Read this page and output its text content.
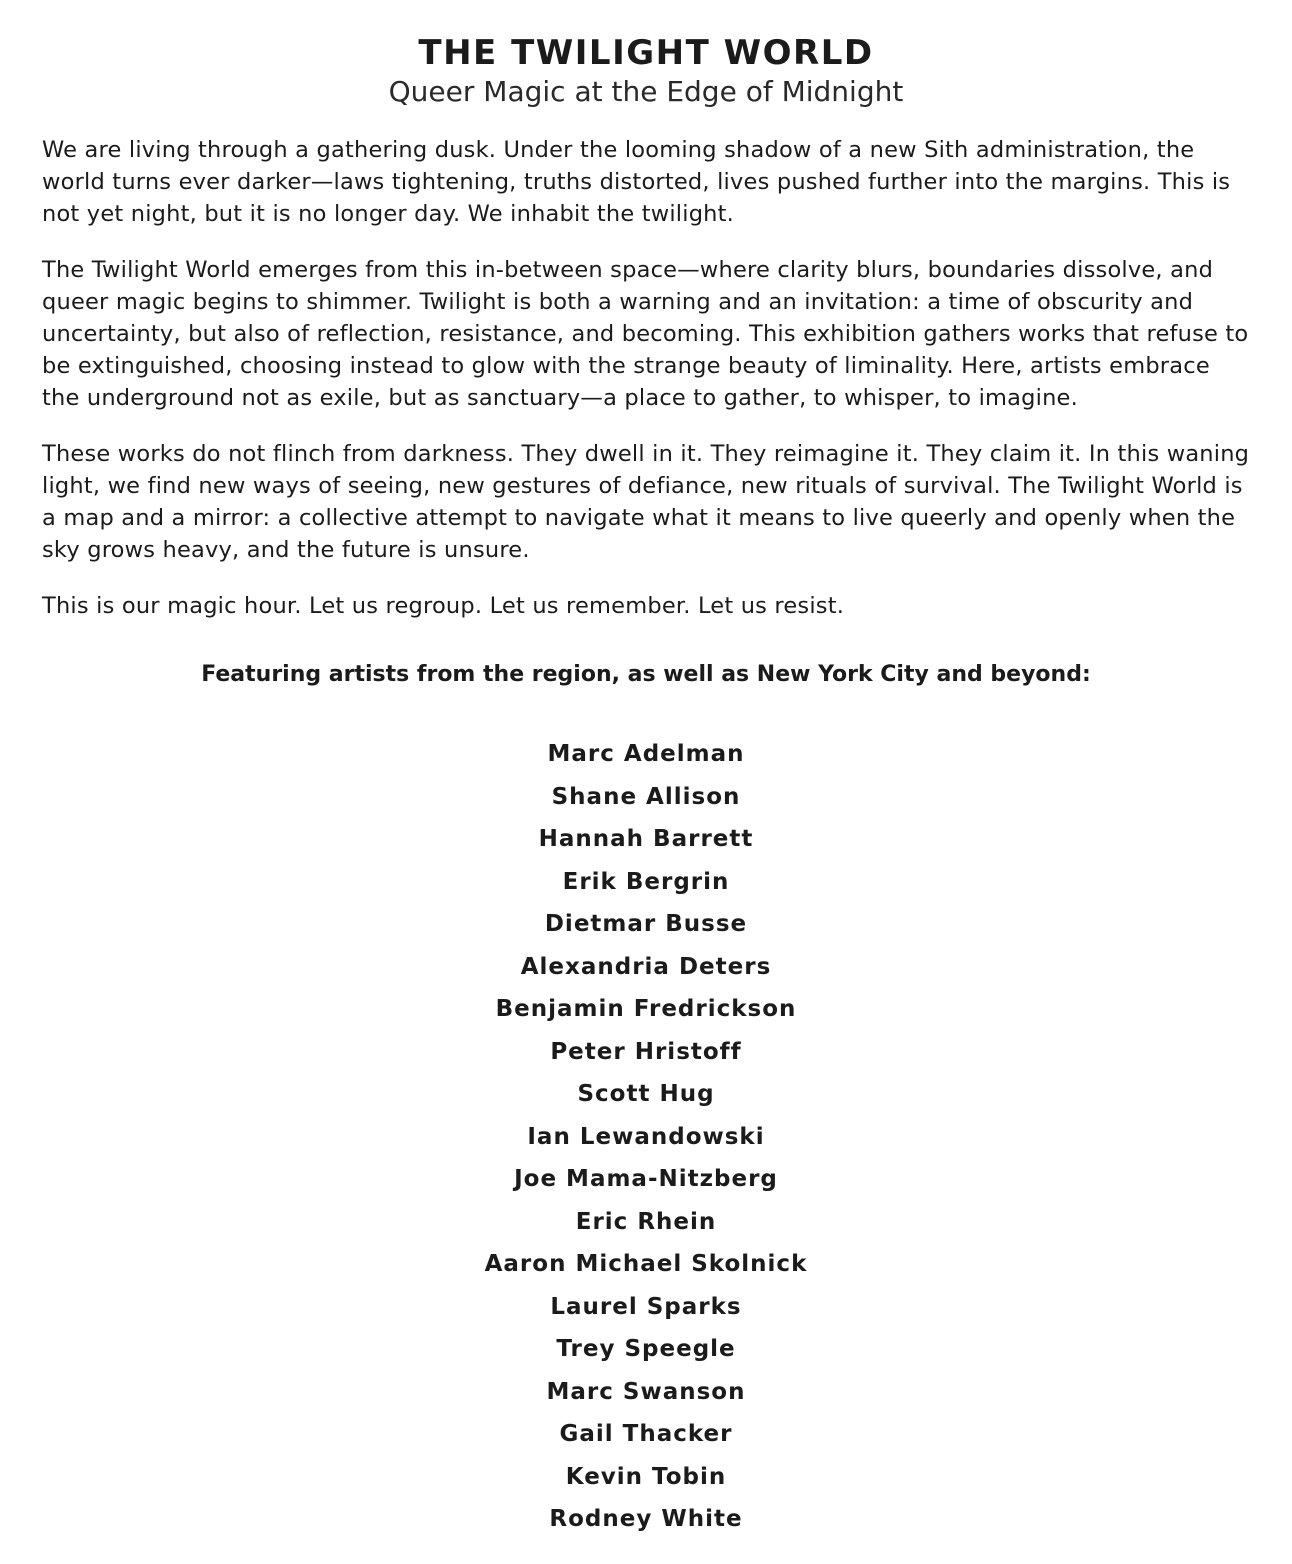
THE TWILIGHT WORLD
Queer Magic at the Edge of Midnight

We are living through a gathering dusk. Under the looming shadow of a new Sith administration, the world turns ever darker—laws tightening, truths distorted, lives pushed further into the margins. This is not yet night, but it is no longer day. We inhabit the twilight.

The Twilight World emerges from this in-between space—where clarity blurs, boundaries dissolve, and queer magic begins to shimmer. Twilight is both a warning and an invitation: a time of obscurity and uncertainty, but also of reflection, resistance, and becoming. This exhibition gathers works that refuse to be extinguished, choosing instead to glow with the strange beauty of liminality. Here, artists embrace the underground not as exile, but as sanctuary—a place to gather, to whisper, to imagine.

These works do not flinch from darkness. They dwell in it. They reimagine it. They claim it. In this waning light, we find new ways of seeing, new gestures of defiance, new rituals of survival. The Twilight World is a map and a mirror: a collective attempt to navigate what it means to live queerly and openly when the sky grows heavy, and the future is unsure.

This is our magic hour. Let us regroup. Let us remember. Let us resist.

Featuring artists from the region, as well as New York City and beyond:
Marc Adelman
Shane Allison
Hannah Barrett
Erik Bergrin
Dietmar Busse
Alexandria Deters
Benjamin Fredrickson
Peter Hristoff
Scott Hug
Ian Lewandowski
Joe Mama-Nitzberg
Eric Rhein
Aaron Michael Skolnick
Laurel Sparks
Trey Speegle
Marc Swanson
Gail Thacker
Kevin Tobin
Rodney White
